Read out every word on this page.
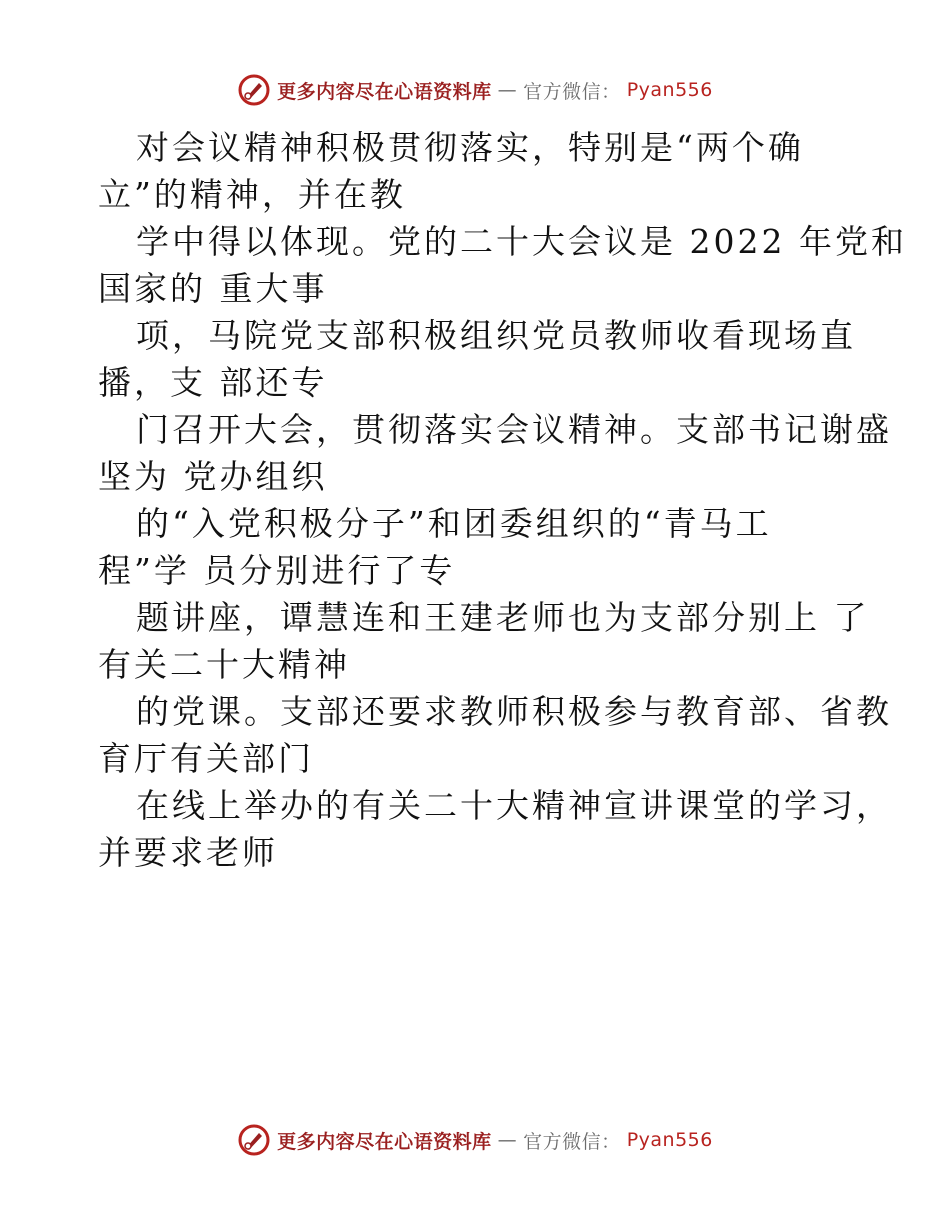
更多内容尽在心语资料库 — 官方微信： Pyan556
对会议精神积极贯彻落实，特别是“两个确
立”的精神，并在教
学中得以体现。党的二十大会议是 2022 年党和
国家的 重大事
项，马院党支部积极组织党员教师收看现场直
播，支 部还专
门召开大会，贯彻落实会议精神。支部书记谢盛
坚为 党办组织
的“入党积极分子”和团委组织的“青马工
程”学 员分别进行了专
题讲座，谭慧连和王建老师也为支部分别上 了
有关二十大精神
的党课。支部还要求教师积极参与教育部、省教
育厅有关部门
在线上举办的有关二十大精神宣讲课堂的学习，
并要求老师
更多内容尽在心语资料库 — 官方微信： Pyan556
